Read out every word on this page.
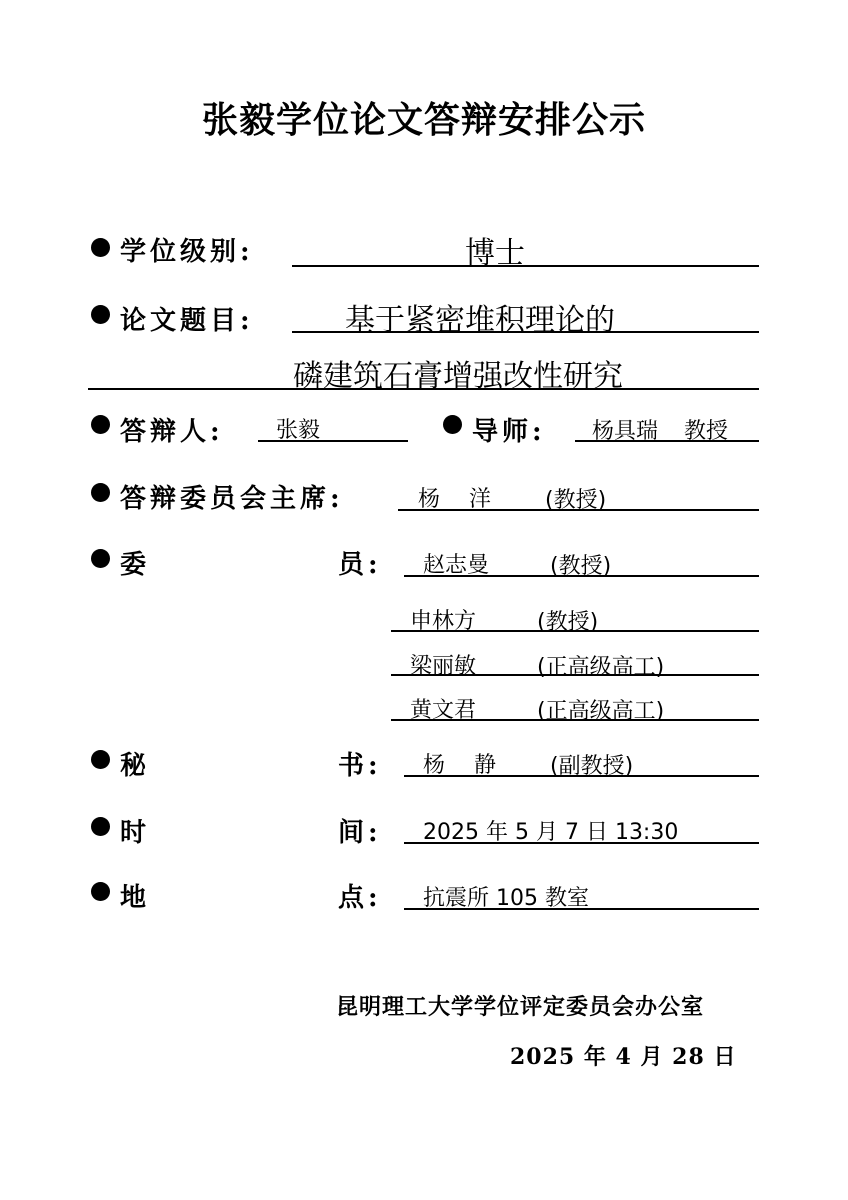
张毅学位论文答辩安排公示
学位级别:	博士
论文题目:	基于紧密堆积理论的
磷建筑石膏增强改性研究
答辩人: 张毅	导师: 杨具瑞 教授
答辩委员会主席:	杨 洋 (教授)
委	员: 赵志曼	(教授)
申林方	(教授)
梁丽敏	(正高级高工)
黄文君	(正高级高工)
秘	书: 杨 静 (副教授)
时	间: 2025 年 5 月 7 日 13:30
地	点: 抗震所 105 教室
昆明理工大学学位评定委员会办公室
2025 年 4 月 28 日
